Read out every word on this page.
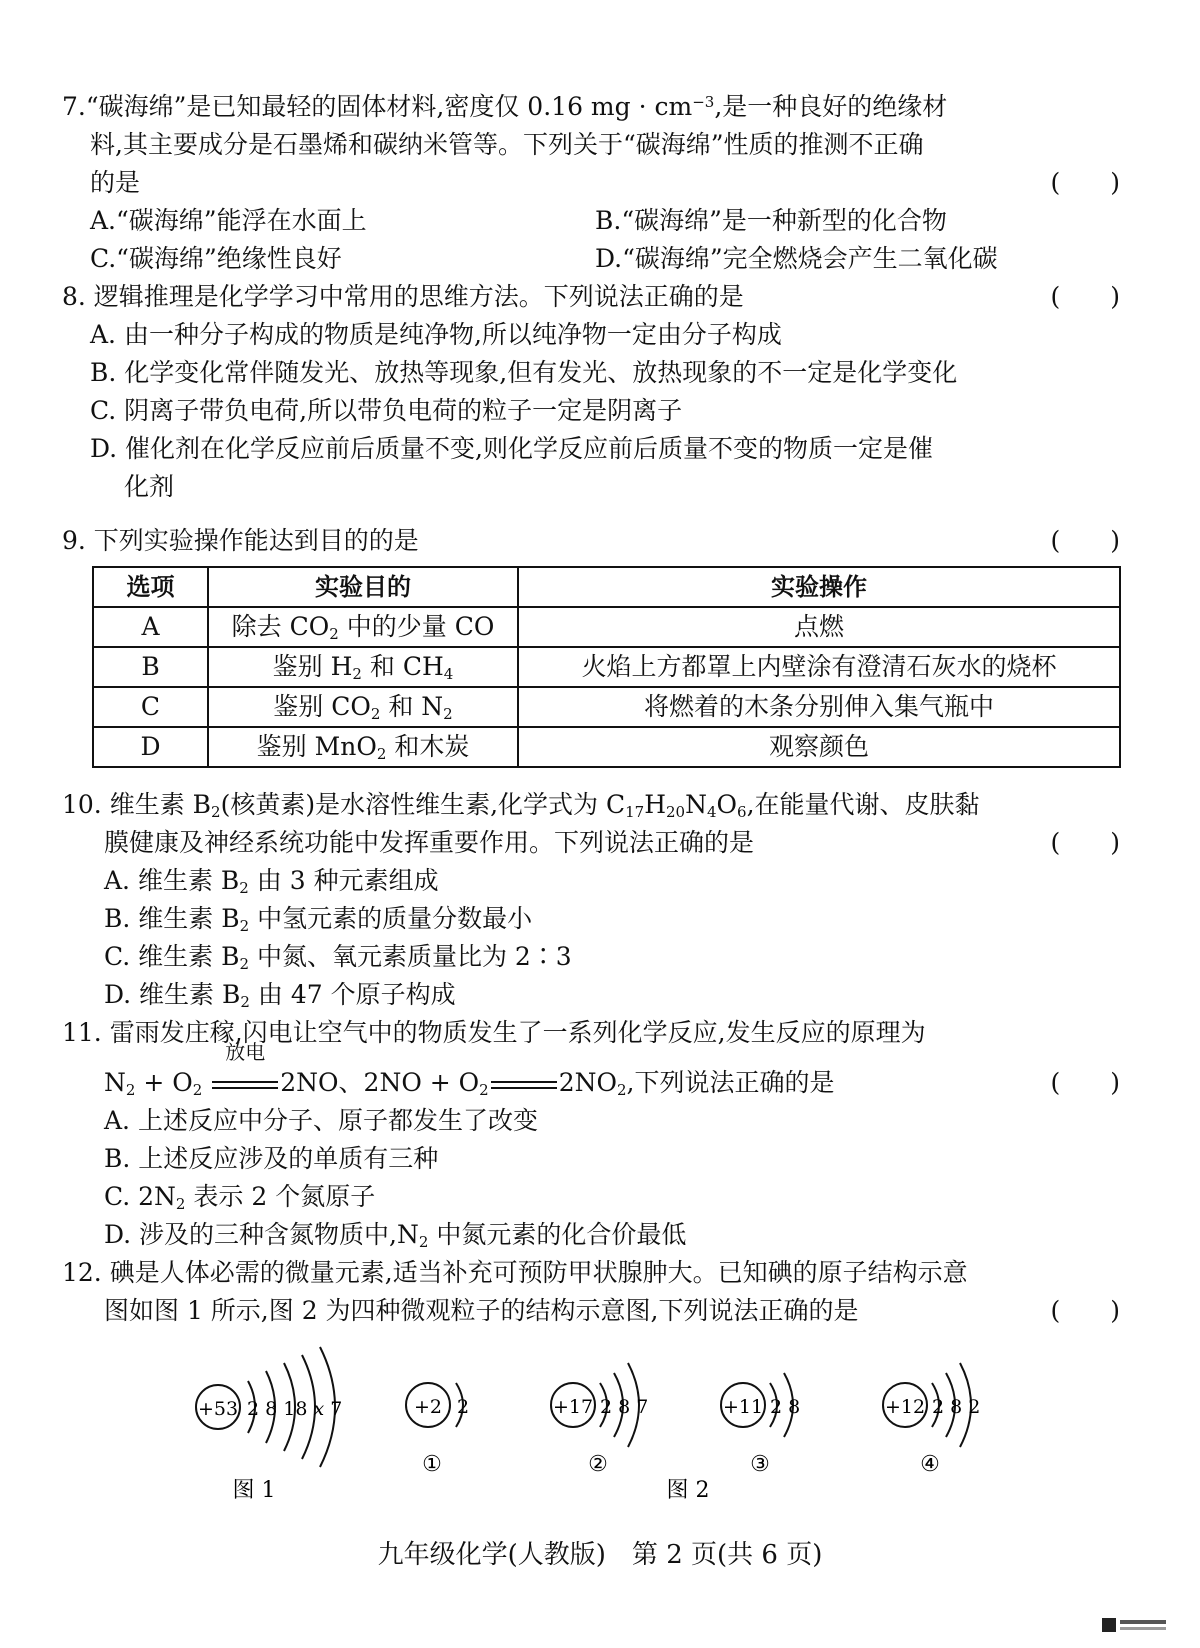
7.“碳海绵”是已知最轻的固体材料,密度仅 0.16 mg · $cm^{-3}$,是一种良好的绝缘材
料,其主要成分是石墨烯和碳纳米管等。下列关于“碳海绵”性质的推测不正确
的是	(　　)
A.“碳海绵”能浮在水面上	B.“碳海绵”是一种新型的化合物
C.“碳海绵”绝缘性良好	D.“碳海绵”完全燃烧会产生二氧化碳
8. 逻辑推理是化学学习中常用的思维方法。下列说法正确的是	(　　)
A. 由一种分子构成的物质是纯净物,所以纯净物一定由分子构成
B. 化学变化常伴随发光、放热等现象,但有发光、放热现象的不一定是化学变化
C. 阴离子带负电荷,所以带负电荷的粒子一定是阴离子
D. 催化剂在化学反应前后质量不变,则化学反应前后质量不变的物质一定是催
化剂
9. 下列实验操作能达到目的的是	(　　)
选项	实验目的	实验操作
A	除去 $CO_2$ 中的少量 CO	点燃
B	鉴别 $H_2$ 和 $CH_4$	火焰上方都罩上内壁涂有澄清石灰水的烧杯
C	鉴别 $CO_2$ 和 $N_2$	将燃着的木条分别伸入集气瓶中
D	鉴别 MnO$_2$ 和木炭	观察颜色
10. 维生素 $B_2$(核黄素)是水溶性维生素,化学式为 $C_{17}H_{20}N_4O_6$,在能量代谢、皮肤黏
膜健康及神经系统功能中发挥重要作用。下列说法正确的是	(　　)
A. 维生素 $B_2$ 由 3 种元素组成
B. 维生素 $B_2$ 中氢元素的质量分数最小
C. 维生素 $B_2$ 中氮、氧元素质量比为 2∶3
D. 维生素 $B_2$ 由 47 个原子构成
11. 雷雨发庄稼,闪电让空气中的物质发生了一系列化学反应,发生反应的原理为
$N_2 + O_2$
放电
2NO、$2NO + O_2$	$2NO_2$,下列说法正确的是	(　　)
A. 上述反应中分子、原子都发生了改变
B. 上述反应涉及的单质有三种
C. $2N_2$ 表示 2 个氮原子
D. 涉及的三种含氮物质中$,N_2$ 中氮元素的化合价最低
12. 碘是人体必需的微量元素,适当补充可预防甲状腺肿大。已知碘的原子结构示意
图如图 1 所示,图 2 为四种微观粒子的结构示意图,下列说法正确的是	(　　)
+53 2 8 18 x 7
图 1
+2 2
①
+17 2 8 7
②
+11 2 8
③
+12 2 8 2
④
图 2
九年级化学(人教版)　第 2 页(共 6 页)
